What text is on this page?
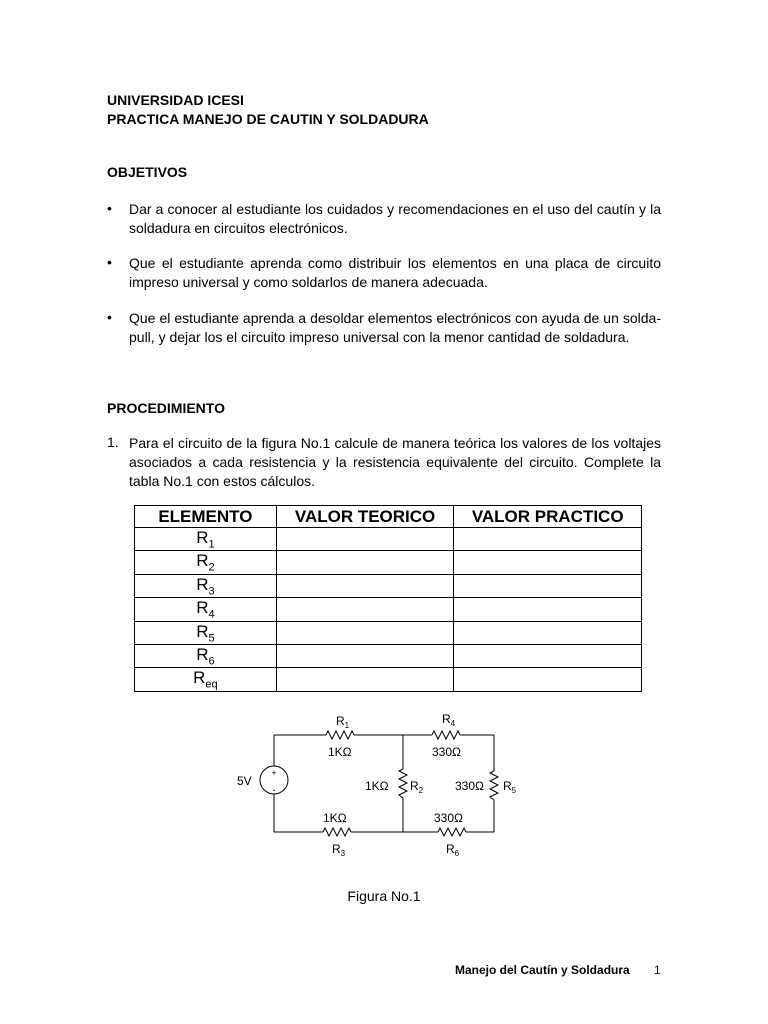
UNIVERSIDAD ICESI
PRACTICA MANEJO DE CAUTIN Y SOLDADURA
OBJETIVOS
• Dar a conocer al estudiante los cuidados y recomendaciones en el uso del cautín y la soldadura en circuitos electrónicos.
• Que el estudiante aprenda como distribuir los elementos en una placa de circuito impreso universal y como soldarlos de manera adecuada.
• Que el estudiante aprenda a desoldar elementos electrónicos con ayuda de un solda-pull, y dejar los el circuito impreso universal con la menor cantidad de soldadura.
PROCEDIMIENTO
1. Para el circuito de la figura No.1 calcule de manera teórica los valores de los voltajes asociados a cada resistencia y la resistencia equivalente del circuito. Complete la tabla No.1 con estos cálculos.
ELEMENTO	VALOR TEORICO	VALOR PRACTICO
$R_1$		
$R_2$		
$R_3$		
$R_4$		
$R_5$		
$R_6$		
$R_{eq}$		
+
-
5V
$R_1$
1KΩ
$R_4$
330Ω
1KΩ $R_2$	330Ω $R_5$
1KΩ
$R_3$
330Ω
$R_6$
Figura No.1
Manejo del Cautín y Soldadura 1
